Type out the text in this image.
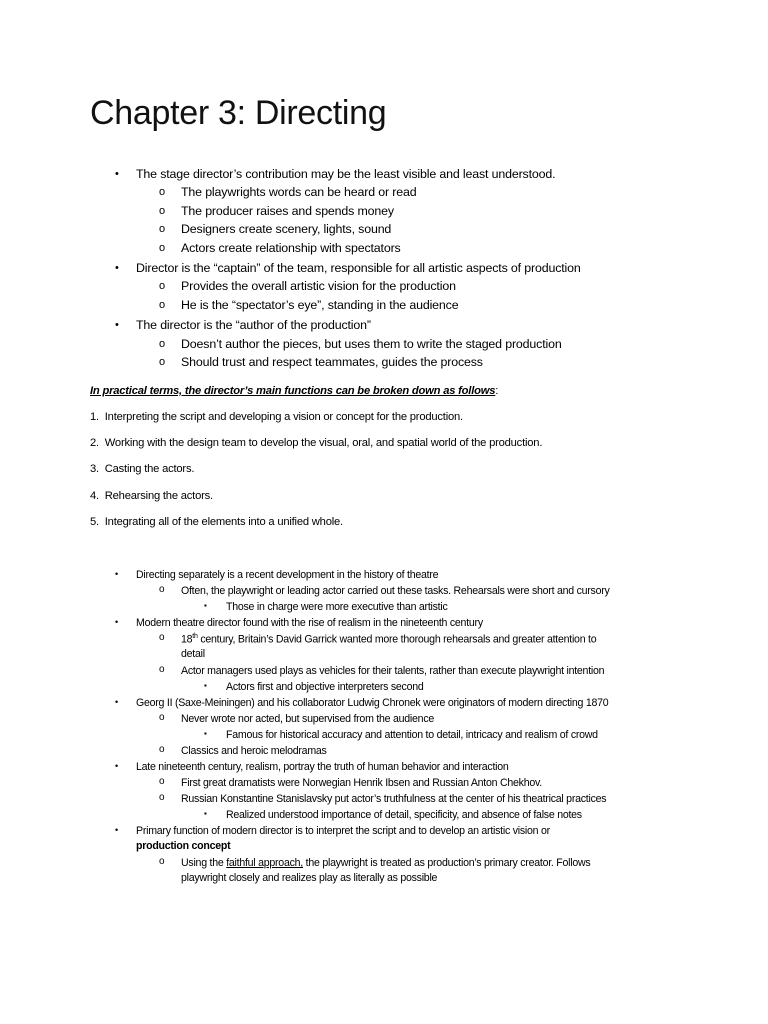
Chapter 3: Directing
• The stage director’s contribution may be the least visible and least understood.
o The playwrights words can be heard or read
o The producer raises and spends money
o Designers create scenery, lights, sound
o Actors create relationship with spectators
• Director is the “captain” of the team, responsible for all artistic aspects of production
o Provides the overall artistic vision for the production
o He is the “spectator’s eye”, standing in the audience
• The director is the “author of the production”
o Doesn’t author the pieces, but uses them to write the staged production
o Should trust and respect teammates, guides the process
In practical terms, the director’s main functions can be broken down as follows:
1. Interpreting the script and developing a vision or concept for the production.
2. Working with the design team to develop the visual, oral, and spatial world of the production.
3. Casting the actors.
4. Rehearsing the actors.
5. Integrating all of the elements into a unified whole.
• Directing separately is a recent development in the history of theatre
o Often, the playwright or leading actor carried out these tasks. Rehearsals were short and cursory
▪ Those in charge were more executive than artistic
• Modern theatre director found with the rise of realism in the nineteenth century
o 18th century, Britain’s David Garrick wanted more thorough rehearsals and greater attention to
detail
o Actor managers used plays as vehicles for their talents, rather than execute playwright intention
▪ Actors first and objective interpreters second
• Georg II (Saxe-Meiningen) and his collaborator Ludwig Chronek were originators of modern directing 1870
o Never wrote nor acted, but supervised from the audience
▪ Famous for historical accuracy and attention to detail, intricacy and realism of crowd
o Classics and heroic melodramas
• Late nineteenth century, realism, portray the truth of human behavior and interaction
o First great dramatists were Norwegian Henrik Ibsen and Russian Anton Chekhov.
o Russian Konstantine Stanislavsky put actor’s truthfulness at the center of his theatrical practices
▪ Realized understood importance of detail, specificity, and absence of false notes
• Primary function of modern director is to interpret the script and to develop an artistic vision or
production concept
o Using the faithful approach, the playwright is treated as production’s primary creator. Follows
playwright closely and realizes play as literally as possible
